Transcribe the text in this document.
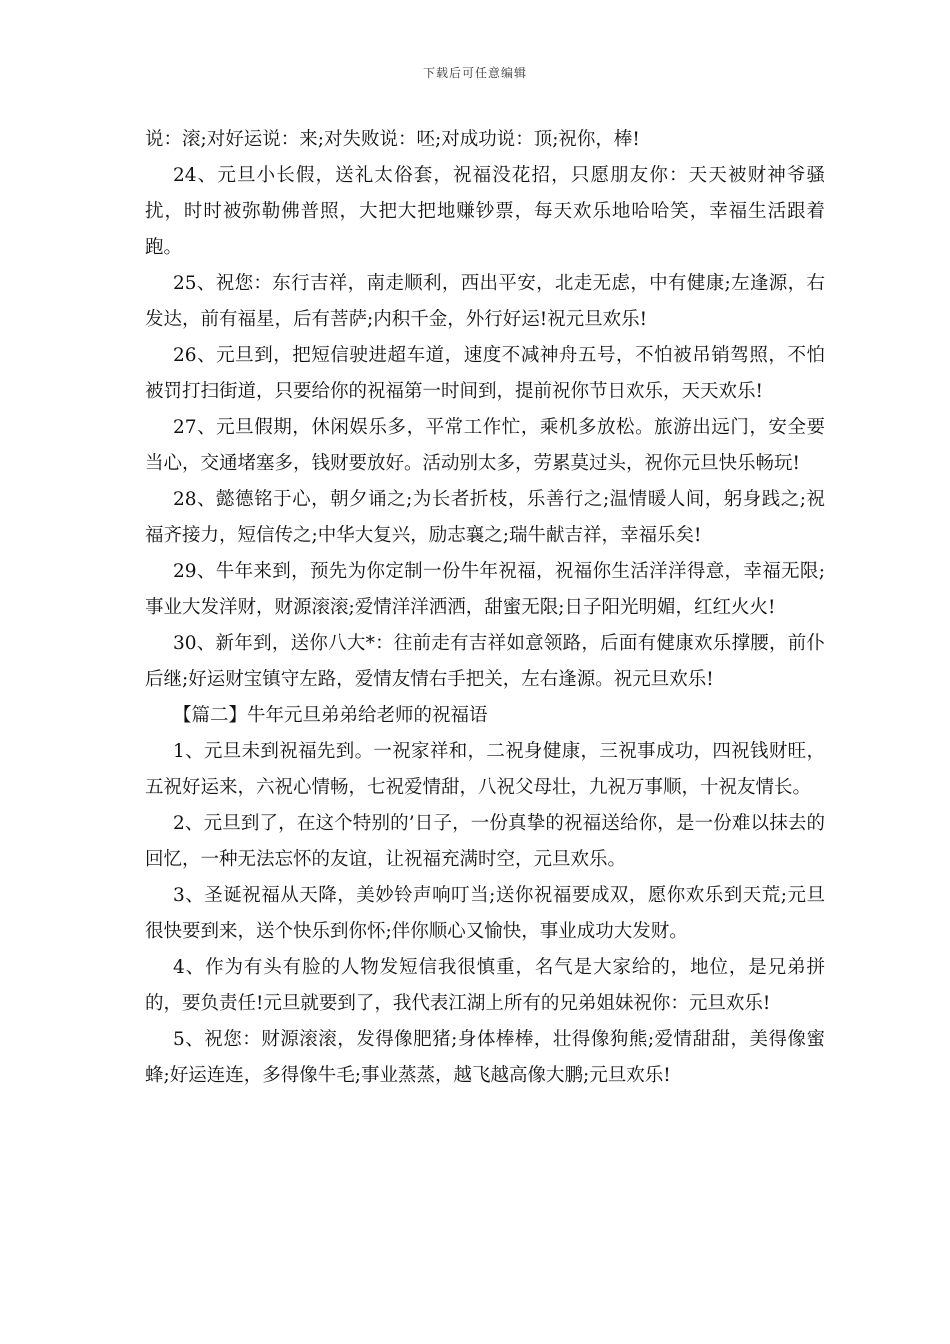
下载后可任意编辑

说：滚;对好运说：来;对失败说：呸;对成功说：顶;祝你，棒!

24、元旦小长假，送礼太俗套，祝福没花招，只愿朋友你：天天被财神爷骚扰，时时被弥勒佛普照，大把大把地赚钞票，每天欢乐地哈哈笑，幸福生活跟着跑。

25、祝您：东行吉祥，南走顺利，西出平安，北走无虑，中有健康;左逢源，右发达，前有福星，后有菩萨;内积千金，外行好运!祝元旦欢乐!

26、元旦到，把短信驶进超车道，速度不减神舟五号，不怕被吊销驾照，不怕被罚打扫街道，只要给你的祝福第一时间到，提前祝你节日欢乐，天天欢乐!

27、元旦假期，休闲娱乐多，平常工作忙，乘机多放松。旅游出远门，安全要当心，交通堵塞多，钱财要放好。活动别太多，劳累莫过头，祝你元旦快乐畅玩!

28、懿德铭于心，朝夕诵之;为长者折枝，乐善行之;温情暖人间，躬身践之;祝福齐接力，短信传之;中华大复兴，励志襄之;瑞牛献吉祥，幸福乐矣!

29、牛年来到，预先为你定制一份牛年祝福，祝福你生活洋洋得意，幸福无限;事业大发洋财，财源滚滚;爱情洋洋洒洒，甜蜜无限;日子阳光明媚，红红火火!

30、新年到，送你八大*：往前走有吉祥如意领路，后面有健康欢乐撑腰，前仆后继;好运财宝镇守左路，爱情友情右手把关，左右逢源。祝元旦欢乐!

【篇二】牛年元旦弟弟给老师的祝福语

1、元旦未到祝福先到。一祝家祥和，二祝身健康，三祝事成功，四祝钱财旺，五祝好运来，六祝心情畅，七祝爱情甜，八祝父母壮，九祝万事顺，十祝友情长。

2、元旦到了，在这个特别的’日子，一份真挚的祝福送给你，是一份难以抹去的回忆，一种无法忘怀的友谊，让祝福充满时空，元旦欢乐。

3、圣诞祝福从天降，美妙铃声响叮当;送你祝福要成双，愿你欢乐到天荒;元旦很快要到来，送个快乐到你怀;伴你顺心又愉快，事业成功大发财。

4、作为有头有脸的人物发短信我很慎重，名气是大家给的，地位，是兄弟拼的，要负责任!元旦就要到了，我代表江湖上所有的兄弟姐妹祝你：元旦欢乐!

5、祝您：财源滚滚，发得像肥猪;身体棒棒，壮得像狗熊;爱情甜甜，美得像蜜蜂;好运连连，多得像牛毛;事业蒸蒸，越飞越高像大鹏;元旦欢乐!
